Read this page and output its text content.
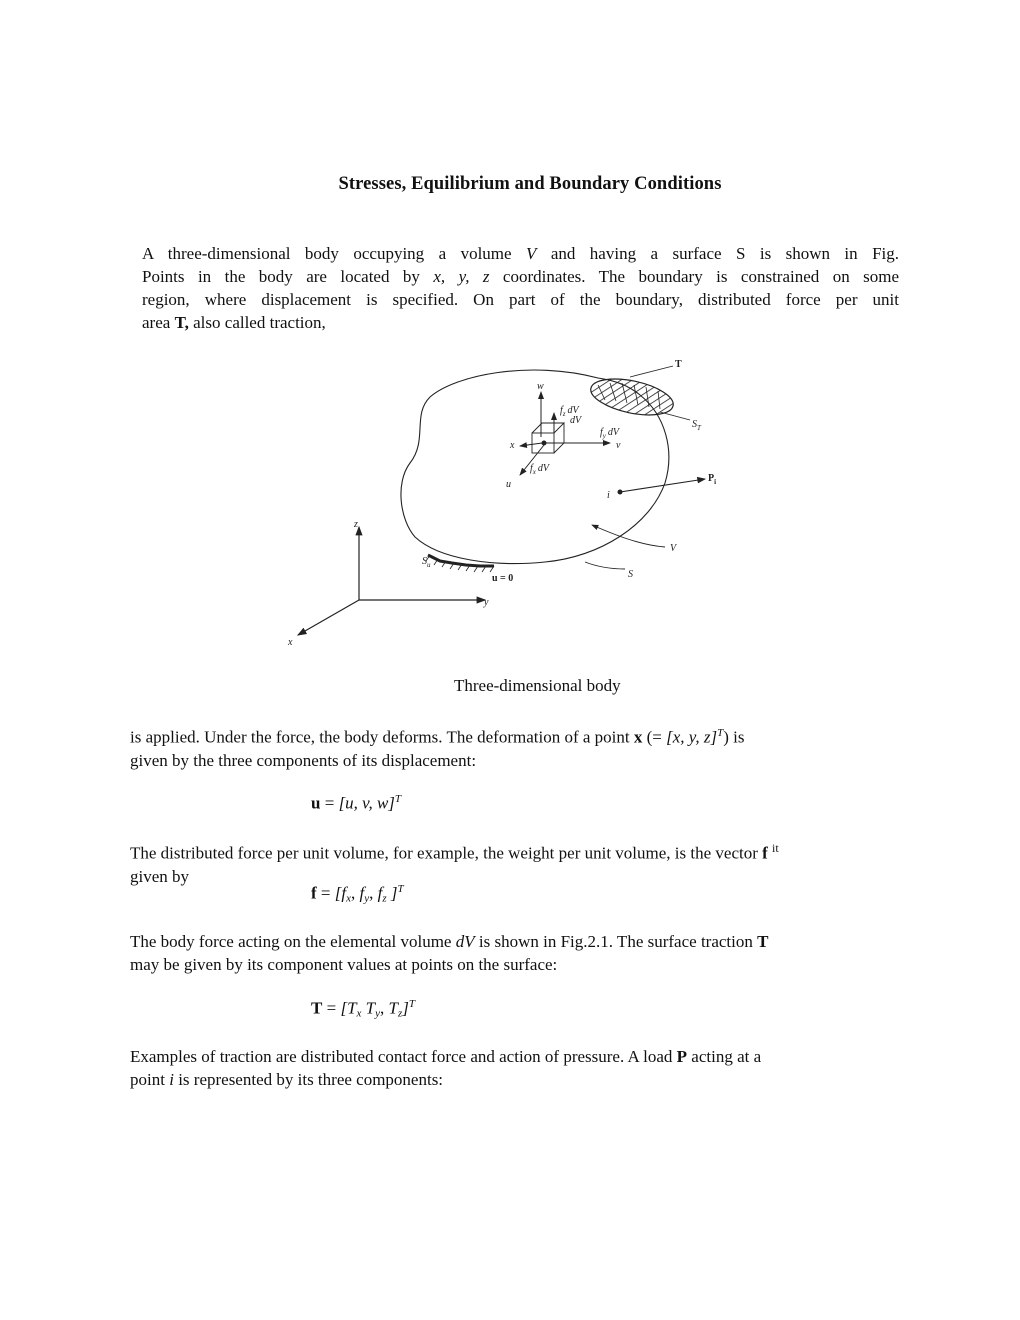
Stresses, Equilibrium and Boundary Conditions
A three-dimensional body occupying a volume V and having a surface S is shown in Fig.
Points in the body are located by x, y, z coordinates. The boundary is constrained on some
region, where displacement is specified. On part of the boundary, distributed force per unit
area T, also called traction,
T
$S_T$
w
$f_z$ dV
dV
$f_y$ dV
v
x
$f_x$ dV
u
i
$P_i$
V
S
$S_u$
u = 0
z
y
x
Three-dimensional body
is applied. Under the force, the body deforms. The deformation of a point x (= [x, y, z]$^T$) is
given by the three components of its displacement:
u = [u, v, w]$^T$
The distributed force per unit volume, for example, the weight per unit volume, is the vector f $^{it}$
given by
$f = [f_x$, $f_y$, $f_z$ ]$^T$
The body force acting on the elemental volume dV is shown in Fig.2.1. The surface traction T
may be given by its component values at points on the surface:
$T = [T_x$ $T_y$, $T_z]^T$
Examples of traction are distributed contact force and action of pressure. A load P acting at a
point i is represented by its three components:
